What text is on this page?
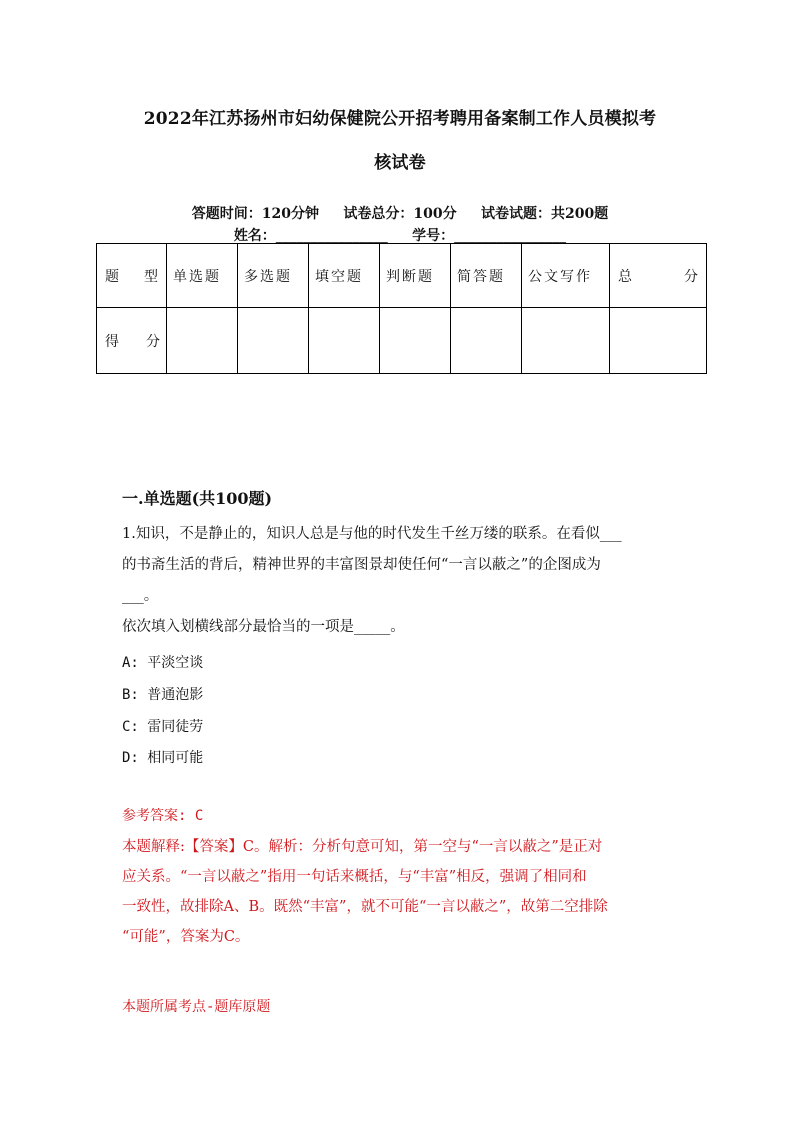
2022年江苏扬州市妇幼保健院公开招考聘用备案制工作人员模拟考
核试卷
答题时间：120分钟     试卷总分：100分     试卷试题：共200题
姓名：________________     学号：________________
题 型	单选题	多选题	填空题	判断题	简答题	公文写作	总 分

得 分							

一.单选题(共100题)
1.知识，不是静止的，知识人总是与他的时代发生千丝万缕的联系。在看似___
的书斋生活的背后，精神世界的丰富图景却使任何“一言以蔽之”的企图成为
___。
依次填入划横线部分最恰当的一项是_____。
A: 平淡空谈
B: 普通泡影
C: 雷同徒劳
D: 相同可能
参考答案: C
本题解释:【答案】C。解析：分析句意可知，第一空与“一言以蔽之”是正对
应关系。“一言以蔽之”指用一句话来概括，与“丰富”相反，强调了相同和
一致性，故排除A、B。既然“丰富”，就不可能“一言以蔽之”，故第二空排除
“可能”，答案为C。
本题所属考点-题库原题
